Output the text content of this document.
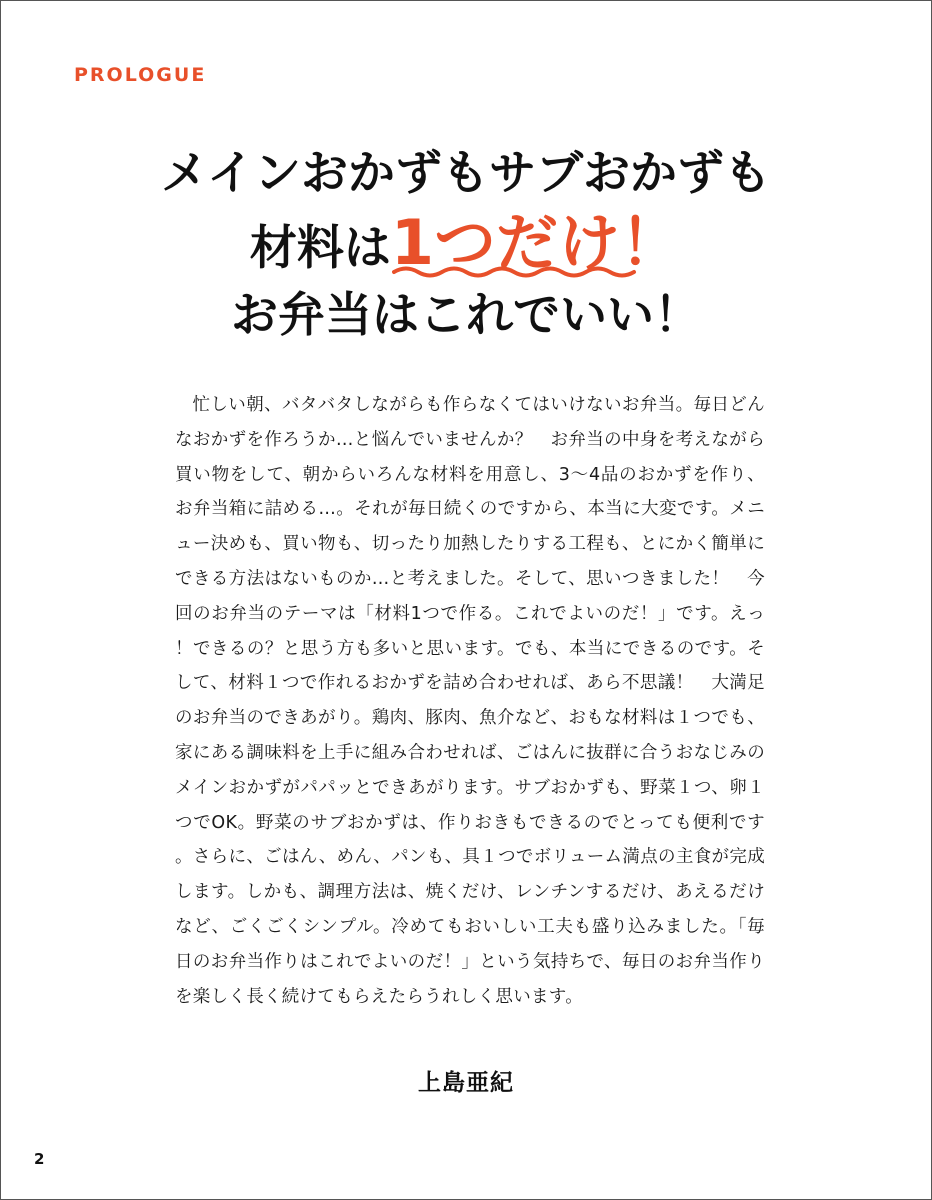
PROLOGUE
メインおかずもサブおかずも
材料は1つだけ！
お弁当はこれでいい！
忙しい朝、バタバタしながらも作らなくてはいけないお弁当。毎日どんなおかずを作ろうか…と悩んでいませんか？　お弁当の中身を考えながら買い物をして、朝からいろんな材料を用意し、3〜4品のおかずを作り、お弁当箱に詰める…。それが毎日続くのですから、本当に大変です。メニュー決めも、買い物も、切ったり加熱したりする工程も、とにかく簡単にできる方法はないものか…と考えました。そして、思いつきました！　今回のお弁当のテーマは「材料1つで作る。これでよいのだ！」です。えっ！できるの？と思う方も多いと思います。でも、本当にできるのです。そして、材料１つで作れるおかずを詰め合わせれば、あら不思議！　大満足のお弁当のできあがり。鶏肉、豚肉、魚介など、おもな材料は１つでも、家にある調味料を上手に組み合わせれば、ごはんに抜群に合うおなじみのメインおかずがパパッとできあがります。サブおかずも、野菜１つ、卵１つでOK。野菜のサブおかずは、作りおきもできるのでとっても便利です。さらに、ごはん、めん、パンも、具１つでボリューム満点の主食が完成します。しかも、調理方法は、焼くだけ、レンチンするだけ、あえるだけなど、ごくごくシンプル。冷めてもおいしい工夫も盛り込みました。「毎日のお弁当作りはこれでよいのだ！」という気持ちで、毎日のお弁当作りを楽しく長く続けてもらえたらうれしく思います。
上島亜紀
2
